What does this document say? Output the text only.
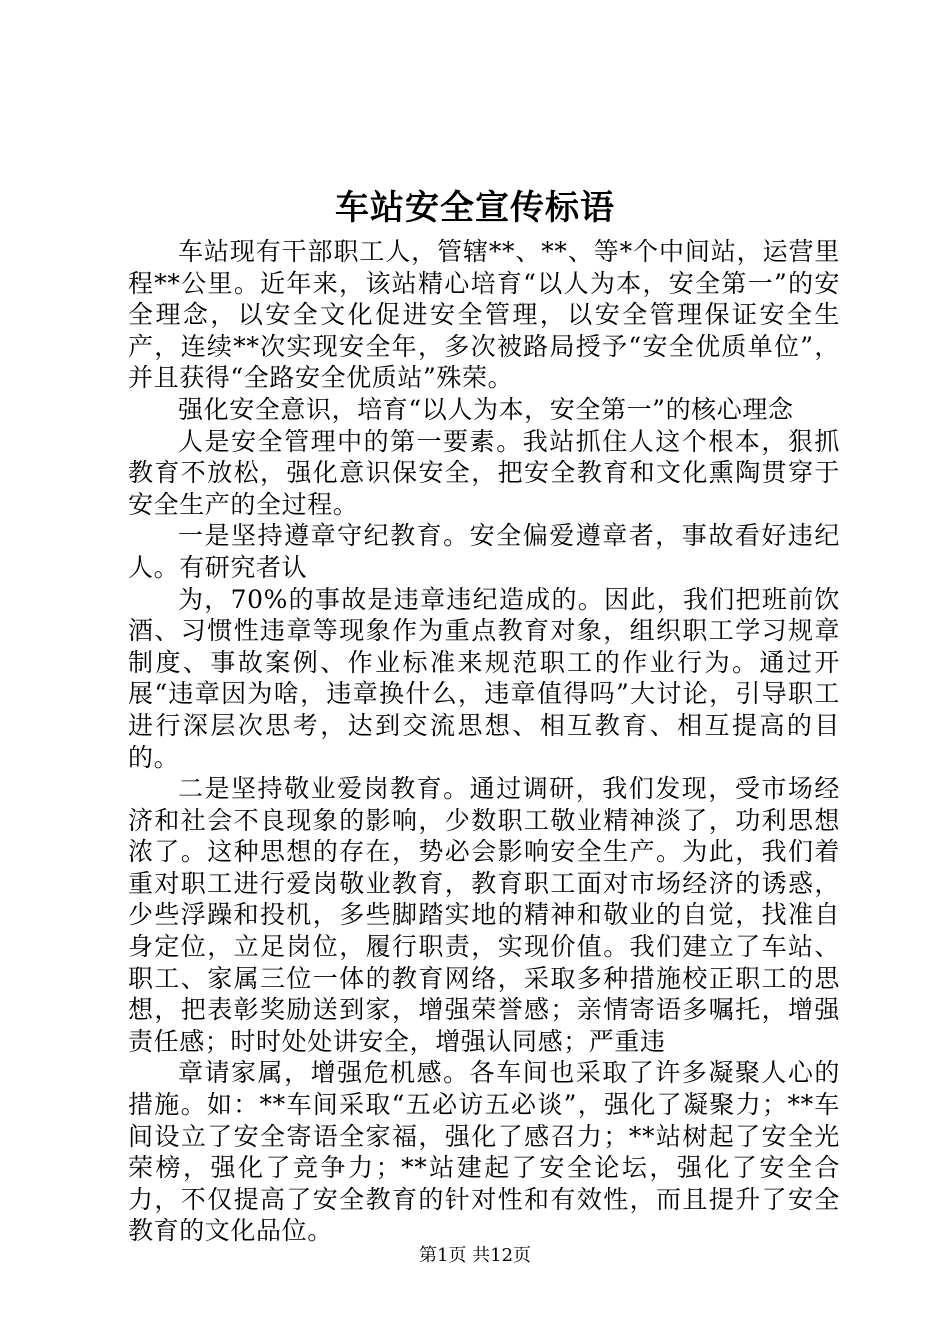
车站安全宣传标语

车站现有干部职工人，管辖**、**、等*个中间站，运营里程**公里。近年来，该站精心培育“以人为本，安全第一”的安全理念，以安全文化促进安全管理，以安全管理保证安全生产，连续**次实现安全年，多次被路局授予“安全优质单位”，并且获得“全路安全优质站”殊荣。

强化安全意识，培育“以人为本，安全第一”的核心理念

人是安全管理中的第一要素。我站抓住人这个根本，狠抓教育不放松，强化意识保安全，把安全教育和文化熏陶贯穿于安全生产的全过程。

一是坚持遵章守纪教育。安全偏爱遵章者，事故看好违纪人。有研究者认

为，70%的事故是违章违纪造成的。因此，我们把班前饮酒、习惯性违章等现象作为重点教育对象，组织职工学习规章制度、事故案例、作业标准来规范职工的作业行为。通过开展“违章因为啥，违章换什么，违章值得吗”大讨论，引导职工进行深层次思考，达到交流思想、相互教育、相互提高的目的。

二是坚持敬业爱岗教育。通过调研，我们发现，受市场经济和社会不良现象的影响，少数职工敬业精神淡了，功利思想浓了。这种思想的存在，势必会影响安全生产。为此，我们着重对职工进行爱岗敬业教育，教育职工面对市场经济的诱惑，少些浮躁和投机，多些脚踏实地的精神和敬业的自觉，找准自身定位，立足岗位，履行职责，实现价值。我们建立了车站、职工、家属三位一体的教育网络，采取多种措施校正职工的思想，把表彰奖励送到家，增强荣誉感；亲情寄语多嘱托，增强责任感；时时处处讲安全，增强认同感；严重违

章请家属，增强危机感。各车间也采取了许多凝聚人心的措施。如：**车间采取“五必访五必谈”，强化了凝聚力；**车间设立了安全寄语全家福，强化了感召力；**站树起了安全光荣榜，强化了竞争力；**站建起了安全论坛，强化了安全合力，不仅提高了安全教育的针对性和有效性，而且提升了安全教育的文化品位。

第1页 共12页
